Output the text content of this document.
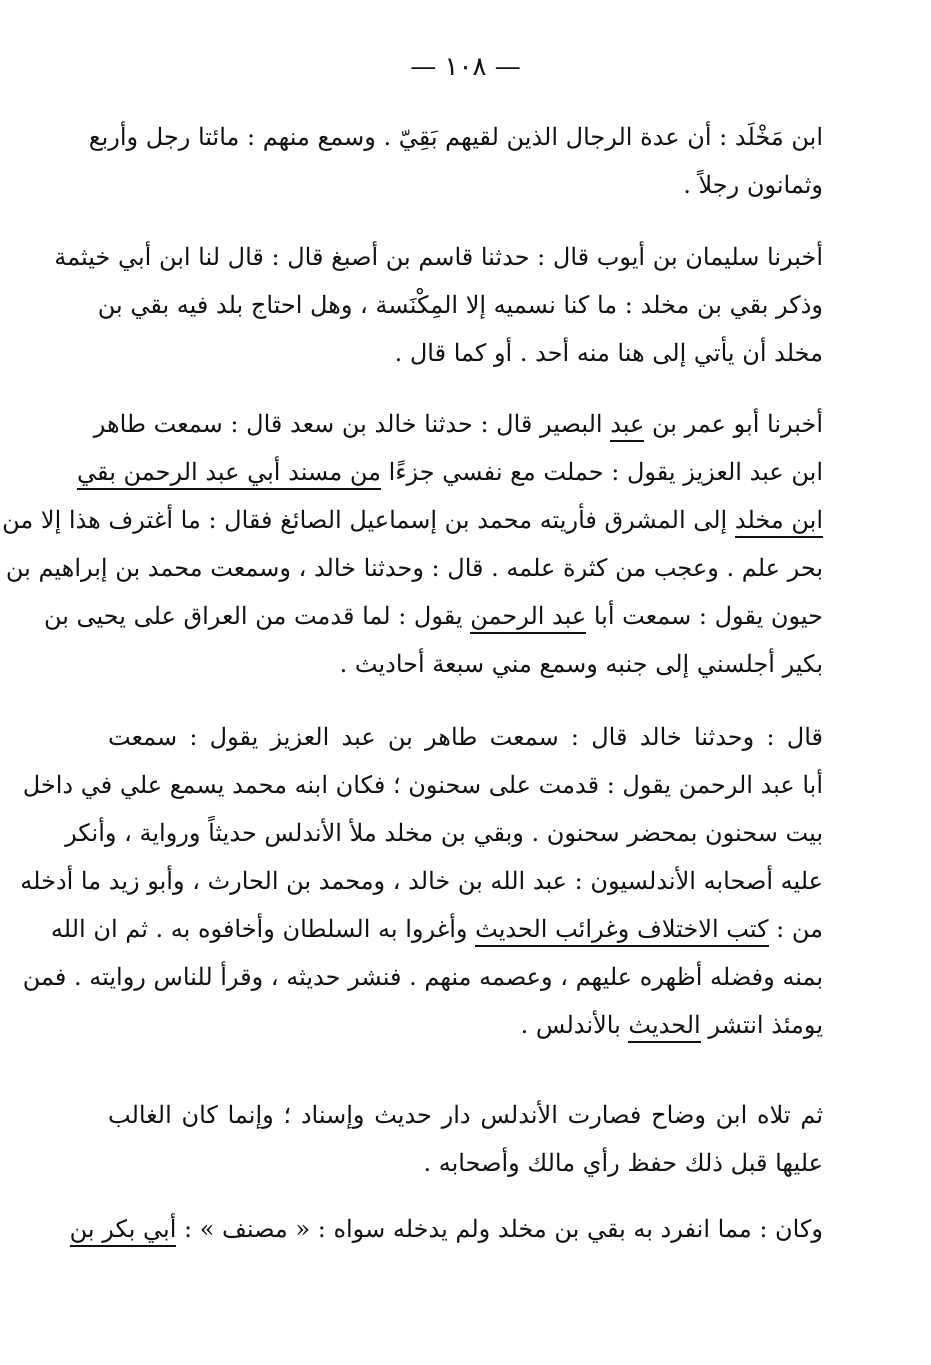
— ١٠٨ —

ابن مَخْلَد : أن عدة الرجال الذين لقيهم بَقِيّ . وسمع منهم : مائتا رجل وأربع
وثمانون رجلاً .

أخبرنا سليمان بن أيوب قال : حدثنا قاسم بن أصبغ قال : قال لنا ابن أبي خيثمة
وذكر بقي بن مخلد : ما كنا نسميه إلا المِكْنَسة ، وهل احتاج بلد فيه بقي بن
مخلد أن يأتي إلى هنا منه أحد . أو كما قال .

أخبرنا أبو عمر بن عبد البصير قال : حدثنا خالد بن سعد قال : سمعت طاهر
ابن عبد العزيز يقول : حملت مع نفسي جزءًا من مسند أبي عبد الرحمن بقي
ابن مخلد إلى المشرق فأريته محمد بن إسماعيل الصائغ فقال : ما أغترف هذا إلا من
بحر علم . وعجب من كثرة علمه . قال : وحدثنا خالد ، وسمعت محمد بن إبراهيم بن
حيون يقول : سمعت أبا عبد الرحمن يقول : لما قدمت من العراق على يحيى بن
بكير أجلسني إلى جنبه وسمع مني سبعة أحاديث .

قال : وحدثنا خالد قال : سمعت طاهر بن عبد العزيز يقول : سمعت
أبا عبد الرحمن يقول : قدمت على سحنون ؛ فكان ابنه محمد يسمع علي في داخل
بيت سحنون بمحضر سحنون . وبقي بن مخلد ملأ الأندلس حديثاً ورواية ، وأنكر
عليه أصحابه الأندلسيون : عبد الله بن خالد ، ومحمد بن الحارث ، وأبو زيد ما أدخله
من : كتب الاختلاف وغرائب الحديث وأغروا به السلطان وأخافوه به . ثم ان الله
بمنه وفضله أظهره عليهم ، وعصمه منهم . فنشر حديثه ، وقرأ للناس روايته . فمن
يومئذ انتشر الحديث بالأندلس .

ثم تلاه ابن وضاح فصارت الأندلس دار حديث وإسناد ؛ وإنما كان الغالب
عليها قبل ذلك حفظ رأي مالك وأصحابه .

وكان : مما انفرد به بقي بن مخلد ولم يدخله سواه : « مصنف » : أبي بكر بن
